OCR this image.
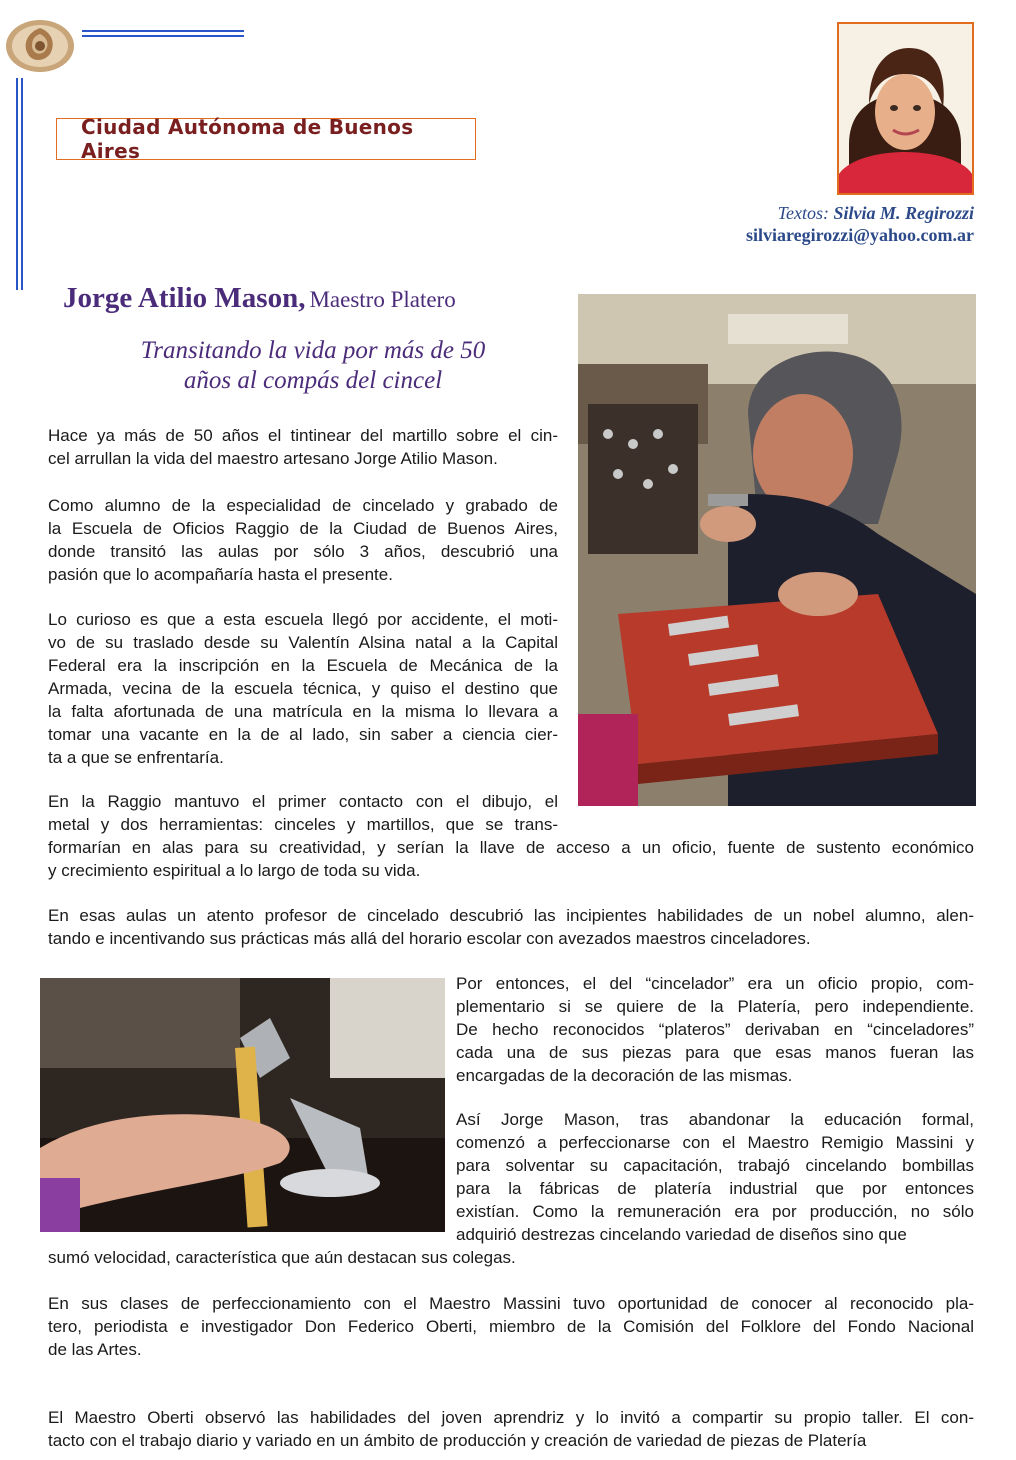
Ciudad Autónoma de Buenos Aires
Textos: Silvia M. Regirozzi
silviaregirozzi@yahoo.com.ar
Jorge Atilio Mason, Maestro Platero
Transitando la vida por más de 50
años al compás del cincel
Hace ya más de 50 años el tintinear del martillo sobre el cin-
cel arrullan la vida del maestro artesano Jorge Atilio Mason.
Como alumno de la especialidad de cincelado y grabado de
la Escuela de Oficios Raggio de la Ciudad de Buenos Aires,
donde transitó las aulas por sólo 3 años, descubrió una
pasión que lo acompañaría hasta el presente.
Lo curioso es que a esta escuela llegó por accidente, el moti-
vo de su traslado desde su Valentín Alsina natal a la Capital
Federal era la inscripción en la Escuela de Mecánica de la
Armada, vecina de la escuela técnica, y quiso el destino que
la falta afortunada de una matrícula en la misma lo llevara a
tomar una vacante en la de al lado, sin saber a ciencia cier-
ta a que se enfrentaría.
En la Raggio mantuvo el primer contacto con el dibujo, el
metal y dos herramientas: cinceles y martillos, que se trans-
formarían en alas para su creatividad, y serían la llave de acceso a un oficio, fuente de sustento económico
y crecimiento espiritual a lo largo de toda su vida.
En esas aulas un atento profesor de cincelado descubrió las incipientes habilidades de un nobel alumno, alen-
tando e incentivando sus prácticas más allá del horario escolar con avezados maestros cinceladores.
Por entonces, el del “cincelador” era un oficio propio, com-
plementario si se quiere de la Platería, pero independiente.
De hecho reconocidos “plateros” derivaban en “cinceladores”
cada una de sus piezas para que esas manos fueran las
encargadas de la decoración de las mismas.
Así Jorge Mason, tras abandonar la educación formal,
comenzó a perfeccionarse con el Maestro Remigio Massini y
para solventar su capacitación, trabajó cincelando bombillas
para la fábricas de platería industrial que por entonces
existían. Como la remuneración era por producción, no sólo
adquirió destrezas cincelando variedad de diseños sino que
sumó velocidad, característica que aún destacan sus colegas.
En sus clases de perfeccionamiento con el Maestro Massini tuvo oportunidad de conocer al reconocido pla-
tero, periodista e investigador Don Federico Oberti, miembro de la Comisión del Folklore del Fondo Nacional
de las Artes.
El Maestro Oberti observó las habilidades del joven aprendriz y lo invitó a compartir su propio taller. El con-
tacto con el trabajo diario y variado en un ámbito de producción y creación de variedad de piezas de Platería
